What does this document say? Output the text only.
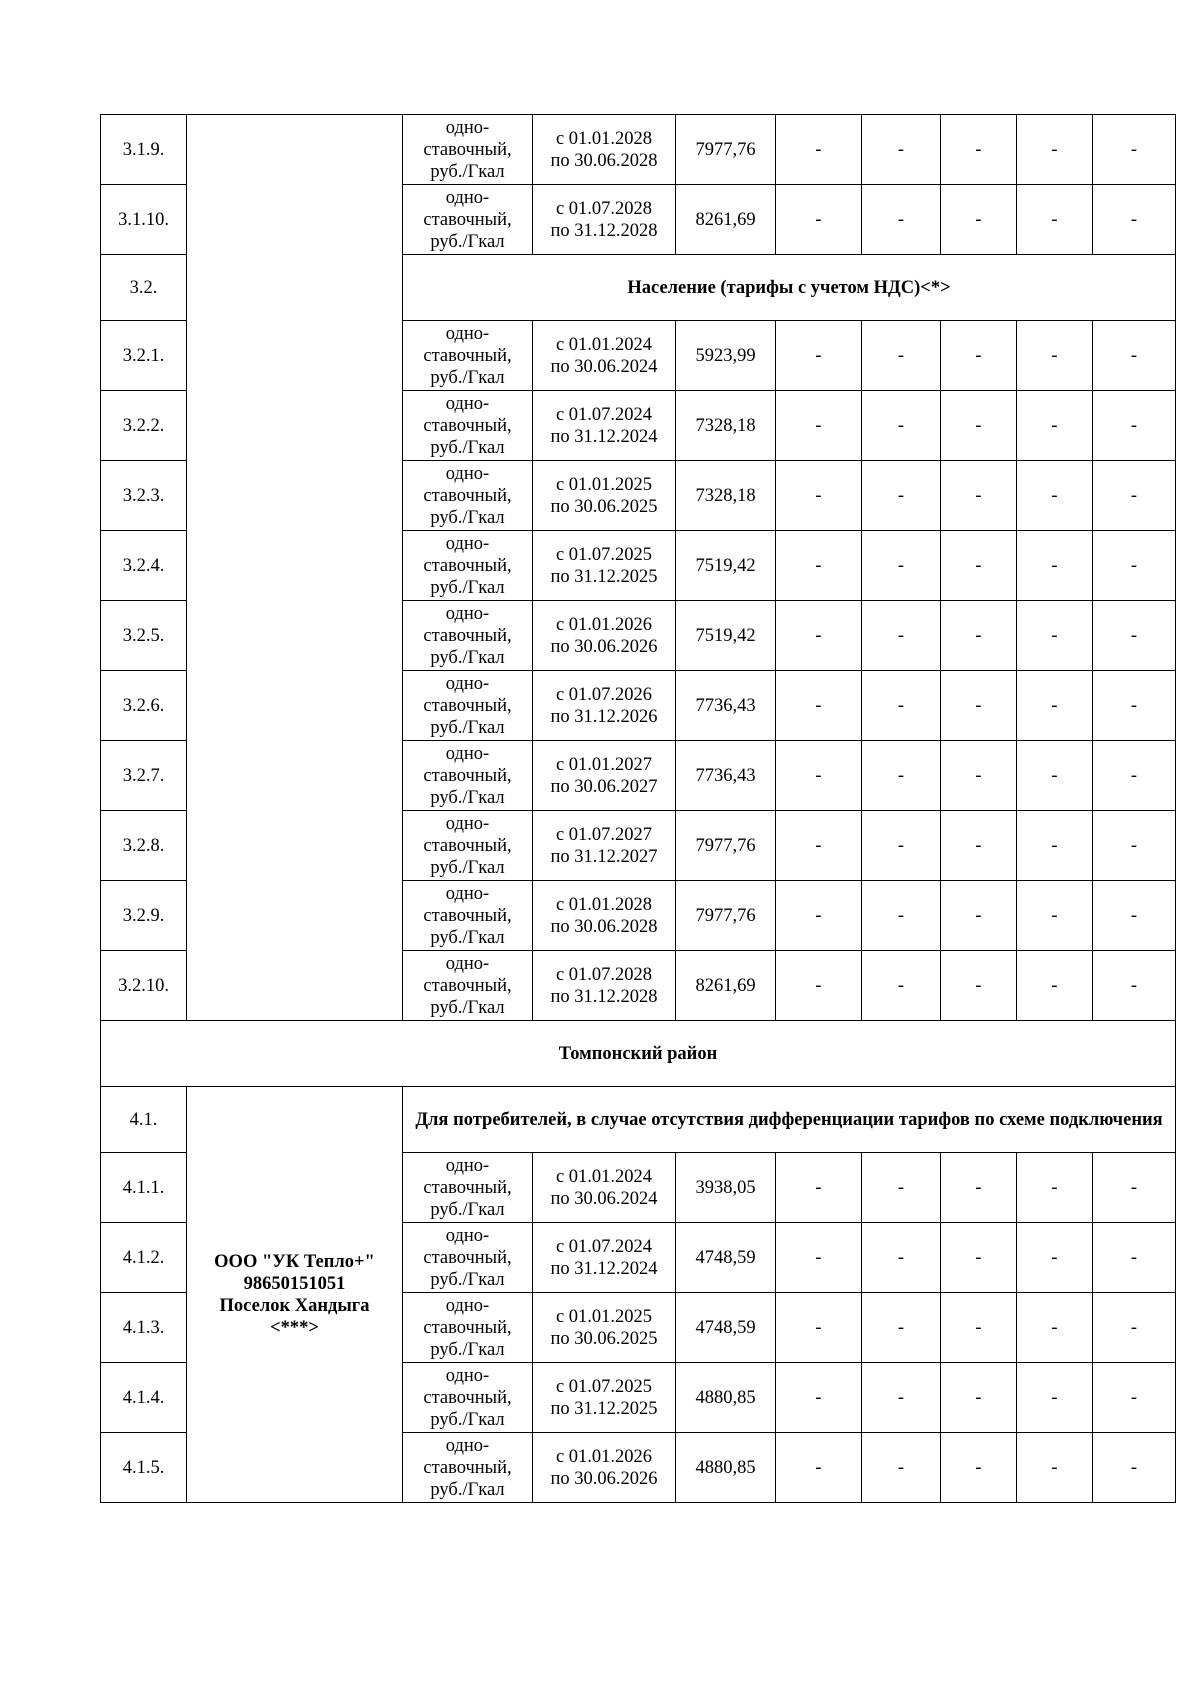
3.1.9.		одно-ставочный, руб./Гкал	с 01.01.2028
по 30.06.2028	7977,76	-	-	-	-	-
3.1.10.		одно-ставочный, руб./Гкал	с 01.07.2028
по 31.12.2028	8261,69	-	-	-	-	-
3.2.		Население (тарифы с учетом НДС)<*>							
3.2.1.		одно-ставочный, руб./Гкал	с 01.01.2024
по 30.06.2024	5923,99	-	-	-	-	-
3.2.2.		одно-ставочный, руб./Гкал	с 01.07.2024
по 31.12.2024	7328,18	-	-	-	-	-
3.2.3.		одно-ставочный, руб./Гкал	с 01.01.2025
по 30.06.2025	7328,18	-	-	-	-	-
3.2.4.		одно-ставочный, руб./Гкал	с 01.07.2025
по 31.12.2025	7519,42	-	-	-	-	-
3.2.5.		одно-ставочный, руб./Гкал	с 01.01.2026
по 30.06.2026	7519,42	-	-	-	-	-
3.2.6.		одно-ставочный, руб./Гкал	с 01.07.2026
по 31.12.2026	7736,43	-	-	-	-	-
3.2.7.		одно-ставочный, руб./Гкал	с 01.01.2027
по 30.06.2027	7736,43	-	-	-	-	-
3.2.8.		одно-ставочный, руб./Гкал	с 01.07.2027
по 31.12.2027	7977,76	-	-	-	-	-
3.2.9.		одно-ставочный, руб./Гкал	с 01.01.2028
по 30.06.2028	7977,76	-	-	-	-	-
3.2.10.		одно-ставочный, руб./Гкал	с 01.07.2028
по 31.12.2028	8261,69	-	-	-	-	-
Томпонский район									
4.1.	ООО "УК Тепло+"
98650151051
Поселок Хандыга
<***>	Для потребителей, в случае отсутствия дифференциации тарифов по схеме подключения							
4.1.1.		одно-ставочный, руб./Гкал	с 01.01.2024
по 30.06.2024	3938,05	-	-	-	-	-
4.1.2.		одно-ставочный, руб./Гкал	с 01.07.2024
по 31.12.2024	4748,59	-	-	-	-	-
4.1.3.		одно-ставочный, руб./Гкал	с 01.01.2025
по 30.06.2025	4748,59	-	-	-	-	-
4.1.4.		одно-ставочный, руб./Гкал	с 01.07.2025
по 31.12.2025	4880,85	-	-	-	-	-
4.1.5.		одно-ставочный, руб./Гкал	с 01.01.2026
по 30.06.2026	4880,85	-	-	-	-	-
